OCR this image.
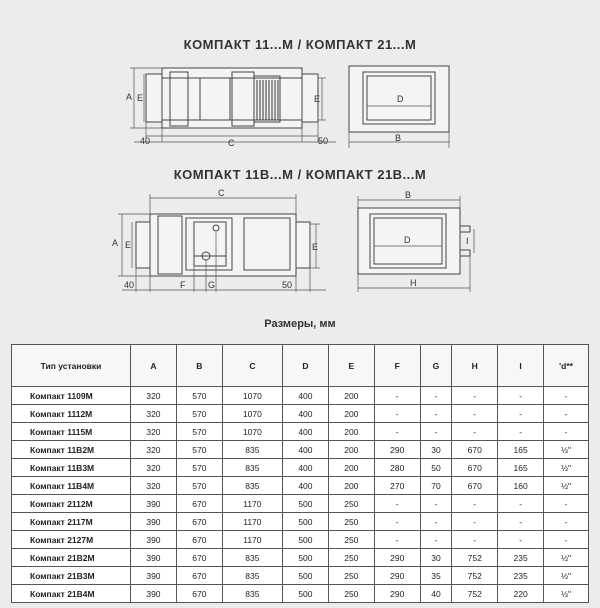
КОМПАКТ 11...М / КОМПАКТ 21...М
A E	E
C
40	50
D
B
КОМПАКТ 11В...М / КОМПАКТ 21В...М
C
A E	E
F	G
40	50
B
D	I
H
Размеры, мм
Тип установки	A	B	C	D	E	F	G	H	I	'd**
Компакт 1109М	320	570	1070	400	200	-	-	-	-	-
Компакт 1112М	320	570	1070	400	200	-	-	-	-	-
Компакт 1115М	320	570	1070	400	200	-	-	-	-	-
Компакт 11В2М	320	570	835	400	200	290	30	670	165	½"
Компакт 11В3М	320	570	835	400	200	280	50	670	165	½"
Компакт 11В4М	320	570	835	400	200	270	70	670	160	½"
Компакт 2112М	390	670	1170	500	250	-	-	-	-	-
Компакт 2117М	390	670	1170	500	250	-	-	-	-	-
Компакт 2127М	390	670	1170	500	250	-	-	-	-	-
Компакт 21В2М	390	670	835	500	250	290	30	752	235	½"
Компакт 21В3М	390	670	835	500	250	290	35	752	235	½"
Компакт 21В4М	390	670	835	500	250	290	40	752	220	½"
